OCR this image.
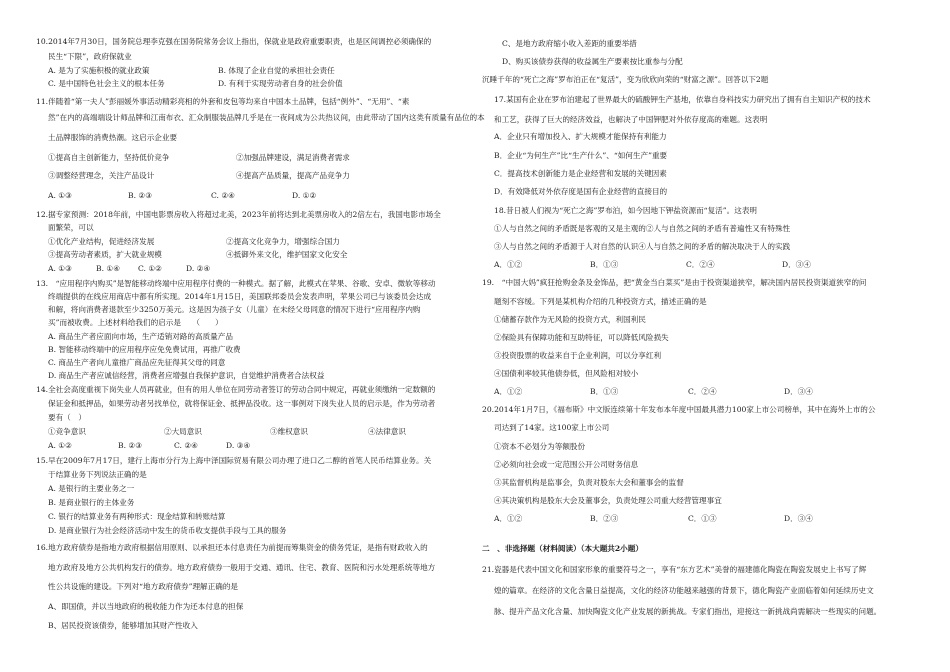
10.2014年7月30日，国务院总理李克强在国务院常务会议上指出，保就业是政府重要职责，也是区间调控必须确保的
民生“下限”，政府保就业
A. 是为了实施积极的就业政策	B. 体现了企业自觉的承担社会责任
C. 是中国特色社会主义的根本任务	D. 有利于实现劳动者自身的社会价值
11.伴随着“第一夫人”彭丽媛外事活动精彩亮相的外套和皮包等均来自中国本土品牌，包括“例外”、“无用”、“素
然”在内的高端端设计师品牌和江南布衣、汇众制服装品牌几乎是在一夜间成为公共热议间，由此带动了国内这类有质量有品位的本
土品牌服饰的消费热潮。这启示企业要
①提高自主创新能力，坚持低价竞争	②加强品牌建设，满足消费者需求
③调整经营理念，关注产品设计	④提高产品质量，提高产品竞争力
A. ①③	B. ②③	C. ②④	D. ①②
12.据专家预测：2018年前，中国电影票房收入将超过北美，2023年前将达到北美票房收入的2倍左右，我国电影市场全
面繁荣，可以
①优化产业结构，促进经济发展	②提高文化竞争力，增强综合国力
③提高劳动者素质，扩大就业规模	④抵御外来文化，维护国家文化安全
A. ①③	B. ①④ C. ①②	D. ②④
13.　“应用程序内购买”是智能移动终端中应用程序付费的一种模式。据了解，此模式在苹果、谷歌、安卓、微软等移动
终端提供的在线应用商店中都有所实现。2014年1月15日，美国联邦委员会发表声明，苹果公司已与该委员会达成
和解，将向消费者退款至少3250万美元。这是因为孩子女（儿童）在未经父母同意的情况下进行“应用程序内购
买”而被收费。上述材料给我们的启示是　　（　　）
A. 商品生产者应面向市场，生产适销对路的高质量产品
B. 智能移动终端中的应用程序应免免费试用，再推广收费
C. 商品生产者向儿童推广商品应先征得其父母的同意
D. 商品生产者应诚信经营，消费者应增强自我保护意识，自觉维护消费者合法权益
14.全社会高度重视下岗失业人员再就业，但有的用人单位在同劳动者签订的劳动合同中规定，再就业须缴纳一定数额的
保证金和抵押品，如果劳动者另找单位，就将保证金、抵押品没收。这一事例对下岗失业人员的启示是，作为劳动者
要有（　）
①竞争意识	②大局意识	③维权意识	④法律意识
A. ①②	B. ②③	C. ②④	D. ③④
15.早在2009年7月17日，建行上海市分行为上海中泽国际贸易有限公司办理了进口乙二醇的首笔人民币结算业务。关
于结算业务下列说法正确的是
A. 是银行的主要业务之一
B. 是商业银行的主体业务
C. 银行的结算业务有两种形式：现金结算和转账结算
D. 是商业银行为社会经济活动中发生的货币收支提供手段与工具的服务
16.地方政府债券是指地方政府根据信用原则、以承担还本付息责任为前提而筹集资金的债务凭证，是指有财政收入的
地方政府及地方公共机构发行的债券。地方政府债券一般用于交通、通讯、住宅、教育、医院和污水处理系统等地方
性公共设施的建设。下列对“地方政府债券”理解正确的是
A、即国债，并以当地政府的税收能力作为还本付息的担保
B、居民投资该债券，能够增加其财产性收入
C、是地方政府缩小收入差距的重要举措
D、购买该债券获得的收益属生产要素按比重参与分配
沉睡千年的“死亡之海”罗布泊正在“复活”，变为欣欣向荣的“财富之源”。回答以下2题
17.某国有企业在罗布泊建起了世界最大的硫酸钾生产基地，依靠自身科技实力研究出了拥有自主知识产权的技术
和工艺，获得了巨大的经济效益，也解决了中国钾肥对外依存度高的难题。这表明
A．企业只有增加投入、扩大规模才能保持有利能力
B．企业“为何生产”比“生产什么”、“如何生产”重要
C．提高技术创新能力是企业经营和发展的关键因素
D．有效降低对外依存度是国有企业经营的直接目的
18.昔日被人们视为“死亡之海”罗布泊，如今因地下钾盐资源而“复活”。这表明
①人与自然之间的矛盾既是客观的又是主观的②人与自然之间的矛盾有普遍性又有特殊性
③人与自然之间的矛盾源于人对自然的认识④人与自然之间的矛盾的解决取决于人的实践
A．①②	B．①③	C．②④	D．③④
19.　“中国大妈”疯狂抢购金条及金饰品，把“黄金当白菜买”是由于投资渠道狭窄，解决国内居民投资渠道狭窄的问
题刻不容缓。下列是某机构介绍的几种投资方式，描述正确的是
①储蓄存款作为无风险的投资方式，利国利民
②保险具有保障功能和互助特征，可以降低风险损失
③投资股票的收益来自于企业利润，可以分享红利
④国债利率较其他债券低，但风险相对较小
A．①②	B．①③	C．②④	D．③④
20.2014年1月7日，《福布斯》中文版连续第十年发布本年度中国最具潜力100家上市公司榜单，其中在海外上市的公
司达到了14家。这100家上市公司
①资本不必划分为等额股份
②必须向社会或一定范围公开公司财务信息
③其监督机构是监事会，负责对股东大会和董事会的监督
④其决策机构是股东大会及董事会，负责处理公司重大经营管理事宜
A．①②	B．②③	C．①③	D．③④
二　、非选择题（材料阅读）（本大题共2小题）
21.瓷器是代表中国文化和国家形象的重要符号之一，享有“东方艺术”美誉的福建德化陶瓷在陶瓷发展史上书写了辉
煌的篇章。在经济的文化含量日益提高，文化的经济功能越来越强的背景下，德化陶瓷产业面临着如何延续历史文
脉、提升产品文化含量、加快陶瓷文化产业发展的新挑战。专家们指出，迎接这一新挑战尚需解决一些现实的问题。
